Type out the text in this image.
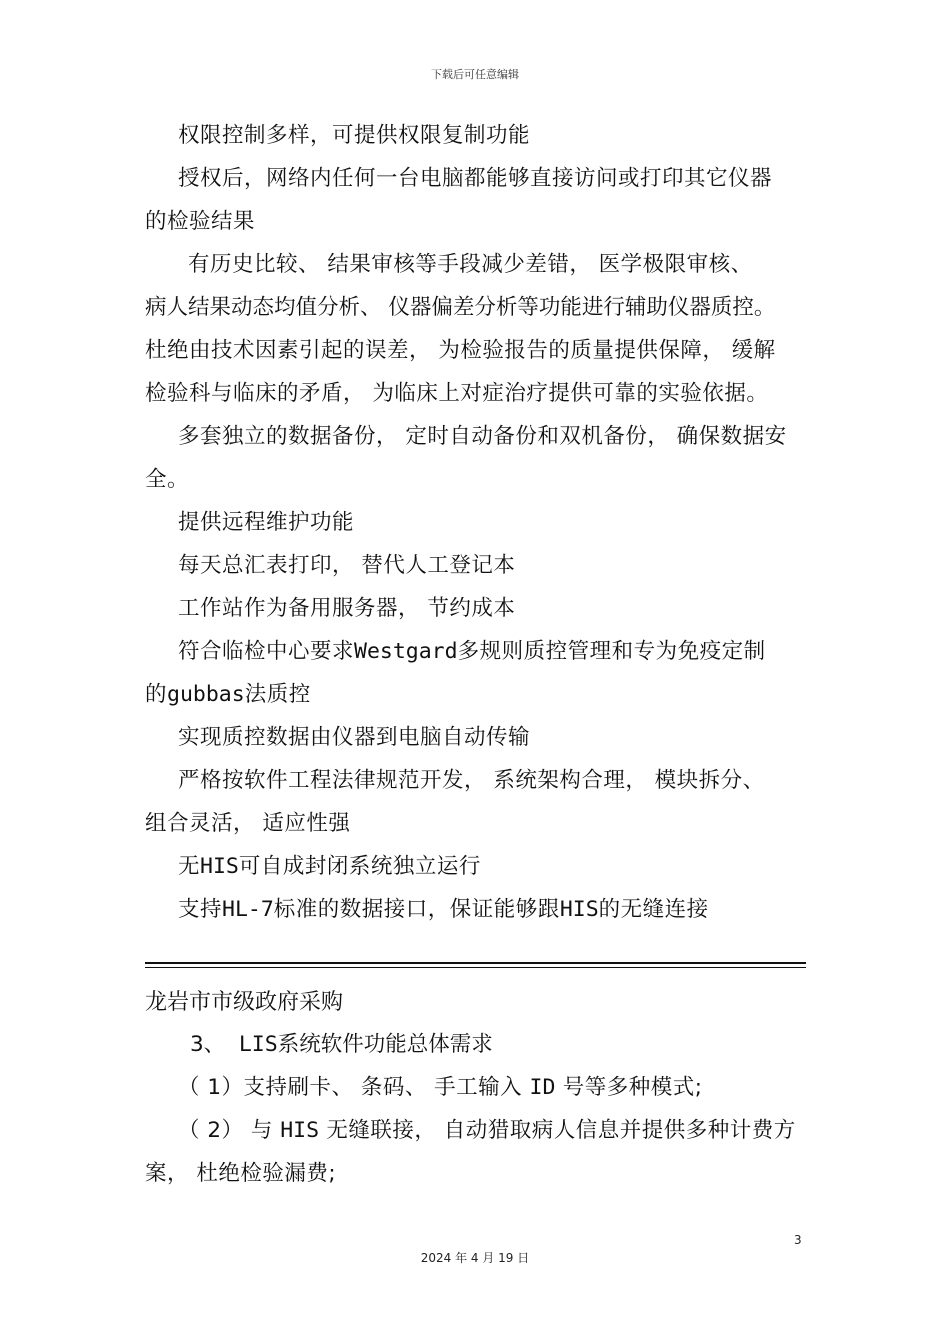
下载后可任意编辑
权限控制多样，可提供权限复制功能
授权后，网络内任何一台电脑都能够直接访问或打印其它仪器
的检验结果
有历史比较、 结果审核等手段减少差错， 医学极限审核、
病人结果动态均值分析、 仪器偏差分析等功能进行辅助仪器质控。
杜绝由技术因素引起的误差， 为检验报告的质量提供保障， 缓解
检验科与临床的矛盾， 为临床上对症治疗提供可靠的实验依据。
多套独立的数据备份， 定时自动备份和双机备份， 确保数据安
全。
提供远程维护功能
每天总汇表打印， 替代人工登记本
工作站作为备用服务器， 节约成本
符合临检中心要求Westgard多规则质控管理和专为免疫定制
的gubbas法质控
实现质控数据由仪器到电脑自动传输
严格按软件工程法律规范开发， 系统架构合理， 模块拆分、
组合灵活， 适应性强
无HIS可自成封闭系统独立运行
支持HL-7标准的数据接口，保证能够跟HIS的无缝连接
龙岩市市级政府采购
3、 LIS系统软件功能总体需求
（ 1）支持刷卡、 条码、 手工输入 ID 号等多种模式;
（ 2） 与 HIS 无缝联接， 自动猎取病人信息并提供多种计费方
案， 杜绝检验漏费;
3
2024 年 4 月 19 日
